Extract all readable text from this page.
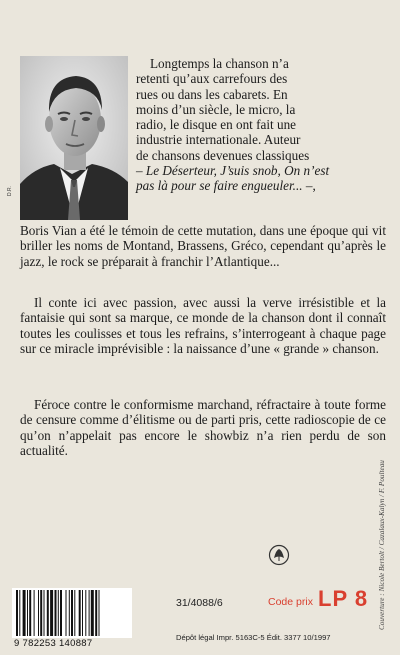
D.R.
Longtemps la chanson n’a
retenti qu’aux carrefours des
rues ou dans les cabarets. En
moins d’un siècle, le micro, la
radio, le disque en ont fait une
industrie internationale. Auteur
de chansons devenues classiques
– Le Déserteur, J’suis snob, On n’est
pas là pour se faire engueuler... –,
Boris Vian a été le témoin de cette mutation, dans une époque qui vit briller les noms de Montand, Brassens, Gréco, cependant qu’après le jazz, le rock se préparait à franchir l’Atlantique...
Il conte ici avec passion, avec aussi la verve irrésistible et la fantaisie qui sont sa marque, ce monde de la chanson dont il connaît toutes les coulisses et tous les refrains, s’interrogeant à chaque page sur ce miracle imprévisible : la naissance d’une « grande » chanson.
Féroce contre le conformisme marchand, réfractaire à toute forme de censure comme d’élitisme ou de parti pris, cette radioscopie de ce qu’on n’appelait pas encore le showbiz n’a rien perdu de son actualité.
Couverture : Nicole Bertolt / Cazalaux-Kalyn / F. Poulteau
9 782253 140887
31/4088/6	Code prix LP 8
Dépôt légal Impr. 5163C-5 Édit. 3377 10/1997
